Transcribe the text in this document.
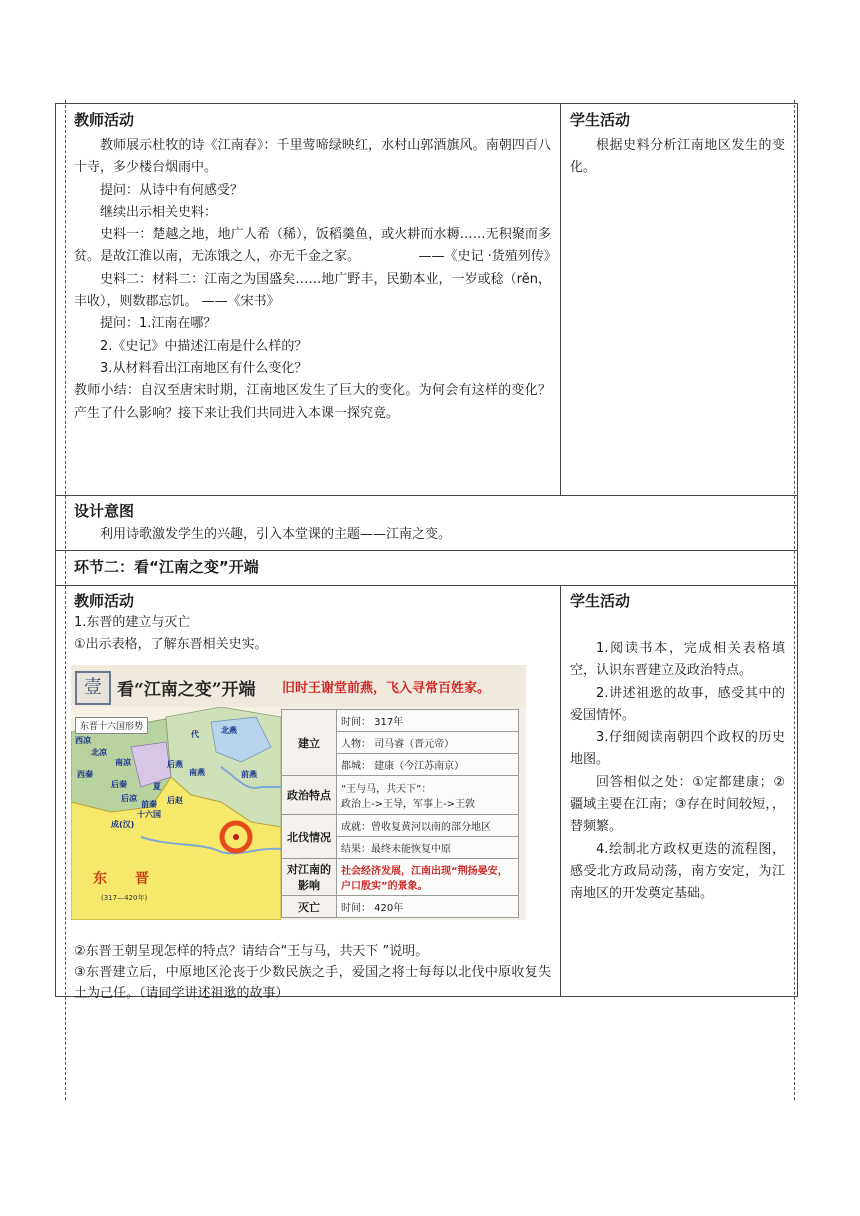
教师活动

教师展示杜牧的诗《江南春》：千里莺啼绿映红，水村山郭酒旗风。南朝四百八十寺，多少楼台烟雨中。

提问：从诗中有何感受？

继续出示相关史料：

史料一：楚越之地，地广人希（稀），饭稻羹鱼，或火耕而水耨……无积聚而多贫。是故江淮以南，无冻饿之人，亦无千金之家。　　　　　——《史记 ·货殖列传》

史料二：材料二：江南之为国盛矣……地广野丰，民勤本业，一岁或稔（rěn，丰收），则数郡忘饥。 ——《宋书》

提问：1.江南在哪？

2.《史记》中描述江南是什么样的？

3.从材料看出江南地区有什么变化？

教师小结：自汉至唐宋时期，江南地区发生了巨大的变化。为何会有这样的变化？产生了什么影响？接下来让我们共同进入本课一探究竟。

学生活动

根据史料分析江南地区发生的变化。

设计意图

利用诗歌激发学生的兴趣，引入本堂课的主题——江南之变。

环节二：看“江南之变”开端
教师活动

1.东晋的建立与灭亡

①出示表格，了解东晋相关史实。

②东晋王朝呈现怎样的特点？请结合“王与马，共天下 ”说明。

③东晋建立后，中原地区沦丧于少数民族之手，爱国之将士每每以北伐中原收复失土为己任。（请同学讲述祖逖的故事）

学生活动

1.阅读书本，完成相关表格填空，认识东晋建立及政治特点。

2.讲述祖逖的故事，感受其中的爱国情怀。

3.仔细阅读南朝四个政权的历史地图。

回答相似之处：①定都建康；②疆域主要在江南；③存在时间较短，，替频繁。

4.绘制北方政权更迭的流程图，感受北方政局动荡，南方安定，为江南地区的开发奠定基础。

壹 看“江南之变”开端 旧时王谢堂前燕，飞入寻常百姓家。
东　　晋
(317—420年)
北燕
代
西凉
北凉
南凉
西秦
后秦
后燕
南燕
夏
成(汉)
后赵
前秦
后凉
前燕
十六国
东晋十六国形势
建立	时间： 317年
	人物： 司马睿（晋元帝）
	都城： 建康（今江苏南京）
政治特点	“王与马，共天下”：
政治上->王导，军事上->王敦

北伐情况	成就：曾收复黄河以南的部分地区
	结果：最终未能恢复中原
对江南的影响	社会经济发展，江南出现“荆扬晏安，户口殷实”的景象。
灭亡	时间： 420年
